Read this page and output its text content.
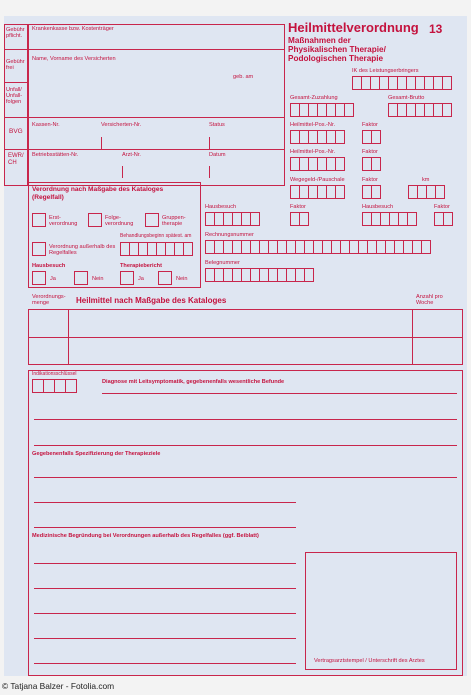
Heilmittelverordnung 13
Maßnahmen der
Physikalischen Therapie/
Podologischen Therapie
Gebühr pflicht.
Gebühr frei
Unfall/ Unfall- folgen
BVG
EWR/ CH
Krankenkasse bzw. Kostenträger
Name, Vorname des Versicherten
geb. am
Kassen-Nr.	Versicherten-Nr.	Status
Betriebsstätten-Nr.	Arzt-Nr.	Datum
IK des Leistungserbringers
Gesamt-Zuzahlung	Gesamt-Brutto
Heilmittel-Pos.-Nr.	Faktor
Heilmittel-Pos.-Nr.	Faktor
Wegegeld-/Pauschale	Faktor	km
Hausbesuch	Faktor	Hausbesuch	Faktor
Rechnungsnummer
Belegnummer
Verordnung nach Maßgabe des Kataloges
(Regelfall)
Erst- verordnung
Folge- verordnung
Gruppen- therapie
Verordnung außerhalb des Regelfalles
Behandlungsbeginn spätest. am
Hausbesuch	Therapiebericht
Ja	Nein	Ja	Nein
Verordnungs- menge	Heilmittel nach Maßgabe des Kataloges	Anzahl pro Woche
Indikationsschlüssel
Diagnose mit Leitsymptomatik, gegebenenfalls wesentliche Befunde
Gegebenenfalls Spezifizierung der Therapieziele
Medizinische Begründung bei Verordnungen außerhalb des Regelfalles (ggf. Beiblatt)
Vertragsarztstempel / Unterschrift des Arztes
© Tatjana Balzer - Fotolia.com
